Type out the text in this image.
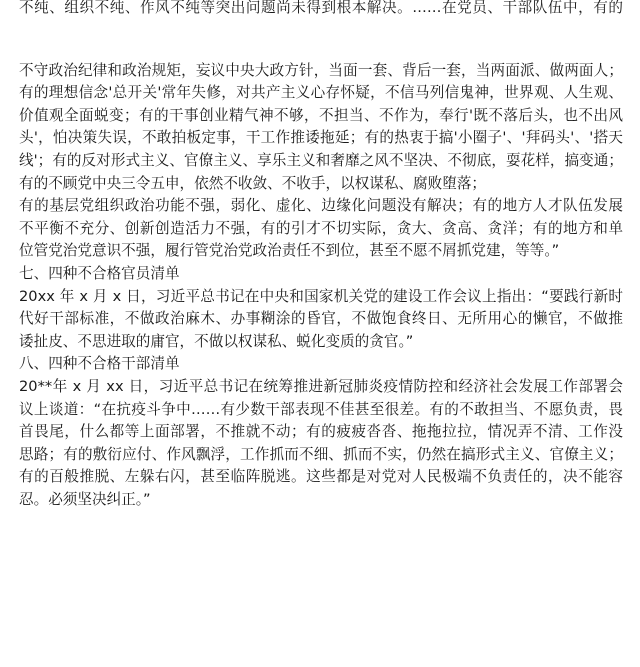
不纯、组织不纯、作风不纯等突出问题尚未得到根本解决。……在党员、干部队伍中，有的
不守政治纪律和政治规矩，妄议中央大政方针，当面一套、背后一套，当两面派、做两面人；
有的理想信念'总开关'常年失修，对共产主义心存怀疑，不信马列信鬼神，世界观、人生观、
价值观全面蜕变；有的干事创业精气神不够，不担当、不作为，奉行'既不落后头，也不出风
头'，怕决策失误，不敢拍板定事，干工作推诿拖延；有的热衷于搞'小圈子'、'拜码头'、'搭天
线'；有的反对形式主义、官僚主义、享乐主义和奢靡之风不坚决、不彻底，耍花样，搞变通；
有的不顾党中央三令五申，依然不收敛、不收手，以权谋私、腐败堕落；
有的基层党组织政治功能不强，弱化、虚化、边缘化问题没有解决；有的地方人才队伍发展
不平衡不充分、创新创造活力不强，有的引才不切实际，贪大、贪高、贪洋；有的地方和单
位管党治党意识不强，履行管党治党政治责任不到位，甚至不愿不屑抓党建，等等。”
七、四种不合格官员清单
20xx 年 x 月 x 日，习近平总书记在中央和国家机关党的建设工作会议上指出：“要践行新时
代好干部标准，不做政治麻木、办事糊涂的昏官，不做饱食终日、无所用心的懒官，不做推
诿扯皮、不思进取的庸官，不做以权谋私、蜕化变质的贪官。”
八、四种不合格干部清单
20**年 x 月 xx 日，习近平总书记在统筹推进新冠肺炎疫情防控和经济社会发展工作部署会
议上谈道：“在抗疫斗争中……有少数干部表现不佳甚至很差。有的不敢担当、不愿负责，畏
首畏尾，什么都等上面部署，不推就不动；有的疲疲沓沓、拖拖拉拉，情况弄不清、工作没
思路；有的敷衍应付、作风飘浮，工作抓而不细、抓而不实，仍然在搞形式主义、官僚主义；
有的百般推脱、左躲右闪，甚至临阵脱逃。这些都是对党对人民极端不负责任的，决不能容
忍。必须坚决纠正。”
